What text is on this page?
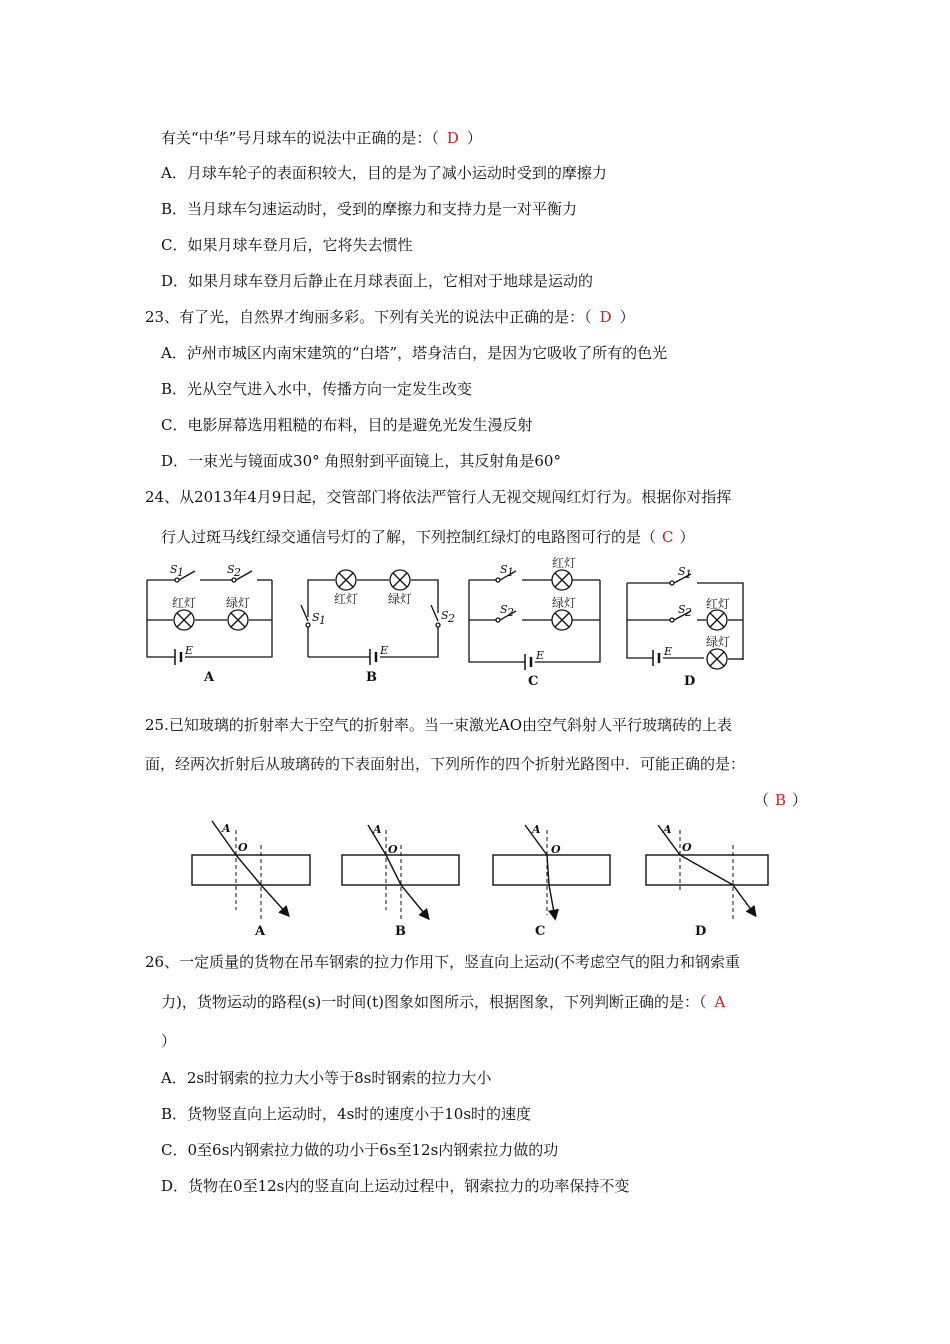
有关“中华”号月球车的说法中正确的是：（ D ）
A．月球车轮子的表面积较大，目的是为了减小运动时受到的摩擦力
B．当月球车匀速运动时，受到的摩擦力和支持力是一对平衡力
C．如果月球车登月后，它将失去惯性
D．如果月球车登月后静止在月球表面上，它相对于地球是运动的
23、有了光，自然界才绚丽多彩。下列有关光的说法中正确的是：（ D ）
A．泸州市城区内南宋建筑的“白塔”，塔身洁白，是因为它吸收了所有的色光
B．光从空气进入水中，传播方向一定发生改变
C．电影屏幕选用粗糙的布料，目的是避免光发生漫反射
D．一束光与镜面成30° 角照射到平面镜上，其反射角是60°
24、从2013年4月9日起，交管部门将依法严管行人无视交规闯红灯行为。根据你对指挥
行人过斑马线红绿交通信号灯的了解，下列控制红绿灯的电路图可行的是（ C ）
S 1	S 2
红灯 绿灯
E
A
红灯 绿灯
S 1	S 2
E
B
S 1
红灯
S 2
绿灯
E
C
S 1
S 2
红灯
绿灯
E
D
25.已知玻璃的折射率大于空气的折射率。当一束激光AO由空气斜射人平行玻璃砖的上表
面，经两次折射后从玻璃砖的下表面射出，下列所作的四个折射光路图中．可能正确的是：
（ B ）
A
O
A
A
O
B
A
O
C
A
O
D
26、一定质量的货物在吊车钢索的拉力作用下，竖直向上运动(不考虑空气的阻力和钢索重
力)，货物运动的路程(s)一时间(t)图象如图所示，根据图象，下列判断正确的是：（ A
）
A．2s时钢索的拉力大小等于8s时钢索的拉力大小
B．货物竖直向上运动时，4s时的速度小于10s时的速度
C．0至6s内钢索拉力做的功小于6s至12s内钢索拉力做的功
D．货物在0至12s内的竖直向上运动过程中，钢索拉力的功率保持不变
